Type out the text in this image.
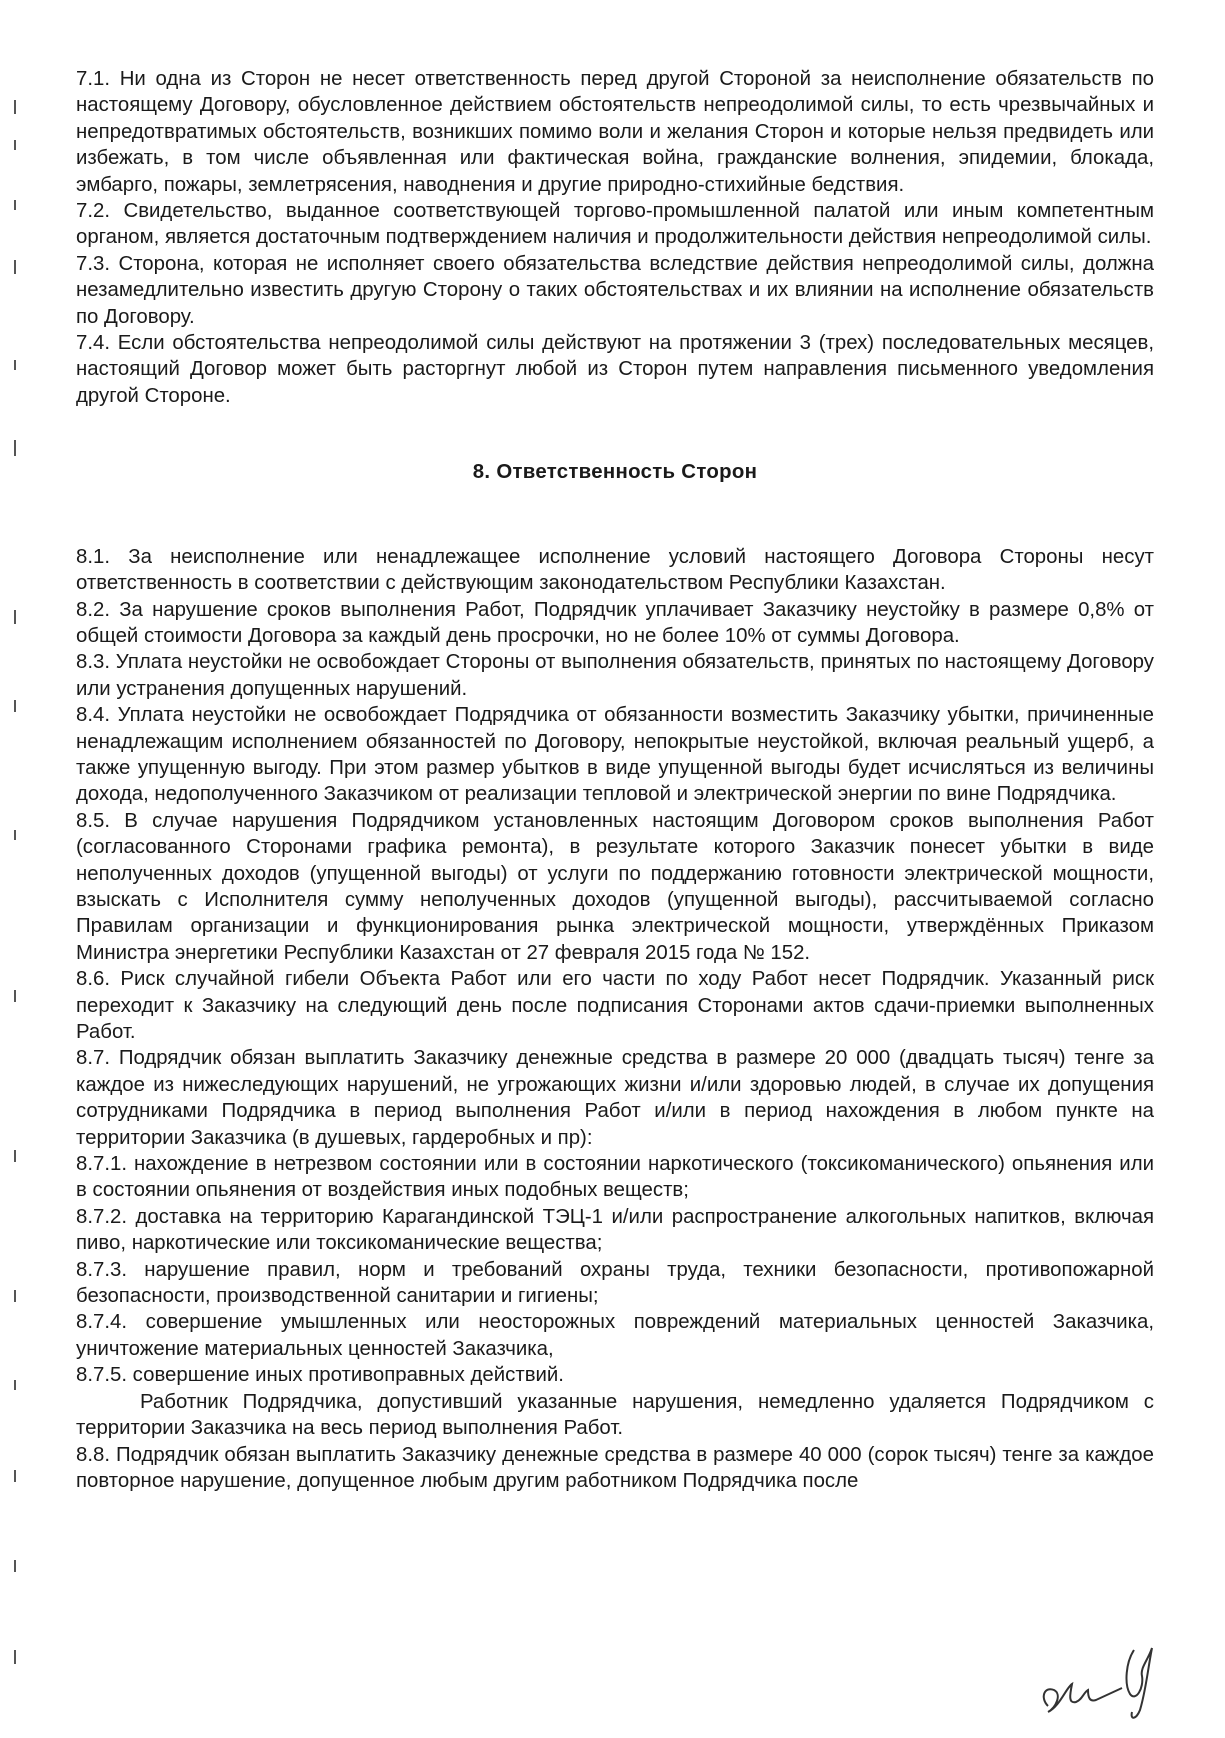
7.1. Ни одна из Сторон не несет ответственность перед другой Стороной за неисполнение обязательств по настоящему Договору, обусловленное действием обстоятельств непреодолимой силы, то есть чрезвычайных и непредотвратимых обстоятельств, возникших помимо воли и желания Сторон и которые нельзя предвидеть или избежать, в том числе объявленная или фактическая война, гражданские волнения, эпидемии, блокада, эмбарго, пожары, землетрясения, наводнения и другие природно-стихийные бедствия.

7.2. Свидетельство, выданное соответствующей торгово-промышленной палатой или иным компетентным органом, является достаточным подтверждением наличия и продолжительности действия непреодолимой силы.

7.3. Сторона, которая не исполняет своего обязательства вследствие действия непреодолимой силы, должна незамедлительно известить другую Сторону о таких обстоятельствах и их влиянии на исполнение обязательств по Договору.

7.4. Если обстоятельства непреодолимой силы действуют на протяжении 3 (трех) последовательных месяцев, настоящий Договор может быть расторгнут любой из Сторон путем направления письменного уведомления другой Стороне.

8. Ответственность Сторон

8.1. За неисполнение или ненадлежащее исполнение условий настоящего Договора Стороны несут ответственность в соответствии с действующим законодательством Республики Казахстан.

8.2. За нарушение сроков выполнения Работ, Подрядчик уплачивает Заказчику неустойку в размере 0,8% от общей стоимости Договора за каждый день просрочки, но не более 10% от суммы Договора.

8.3. Уплата неустойки не освобождает Стороны от выполнения обязательств, принятых по настоящему Договору или устранения допущенных нарушений.

8.4. Уплата неустойки не освобождает Подрядчика от обязанности возместить Заказчику убытки, причиненные ненадлежащим исполнением обязанностей по Договору, непокрытые неустойкой, включая реальный ущерб, а также упущенную выгоду. При этом размер убытков в виде упущенной выгоды будет исчисляться из величины дохода, недополученного Заказчиком от реализации тепловой и электрической энергии по вине Подрядчика.

8.5. В случае нарушения Подрядчиком установленных настоящим Договором сроков выполнения Работ (согласованного Сторонами графика ремонта), в результате которого Заказчик понесет убытки в виде неполученных доходов (упущенной выгоды) от услуги по поддержанию готовности электрической мощности, взыскать с Исполнителя сумму неполученных доходов (упущенной выгоды), рассчитываемой согласно Правилам организации и функционирования рынка электрической мощности, утверждённых Приказом Министра энергетики Республики Казахстан от 27 февраля 2015 года № 152.

8.6. Риск случайной гибели Объекта Работ или его части по ходу Работ несет Подрядчик. Указанный риск переходит к Заказчику на следующий день после подписания Сторонами актов сдачи-приемки выполненных Работ.

8.7. Подрядчик обязан выплатить Заказчику денежные средства в размере 20 000 (двадцать тысяч) тенге за каждое из нижеследующих нарушений, не угрожающих жизни и/или здоровью людей, в случае их допущения сотрудниками Подрядчика в период выполнения Работ и/или в период нахождения в любом пункте на территории Заказчика (в душевых, гардеробных и пр):

8.7.1. нахождение в нетрезвом состоянии или в состоянии наркотического (токсикоманического) опьянения или в состоянии опьянения от воздействия иных подобных веществ;

8.7.2. доставка на территорию Карагандинской ТЭЦ-1 и/или распространение алкогольных напитков, включая пиво, наркотические или токсикоманические вещества;

8.7.3. нарушение правил, норм и требований охраны труда, техники безопасности, противопожарной безопасности, производственной санитарии и гигиены;

8.7.4. совершение умышленных или неосторожных повреждений материальных ценностей Заказчика, уничтожение материальных ценностей Заказчика,

8.7.5. совершение иных противоправных действий.

Работник Подрядчика, допустивший указанные нарушения, немедленно удаляется Подрядчиком с территории Заказчика на весь период выполнения Работ.

8.8. Подрядчик обязан выплатить Заказчику денежные средства в размере 40 000 (сорок тысяч) тенге за каждое повторное нарушение, допущенное любым другим работником Подрядчика после
